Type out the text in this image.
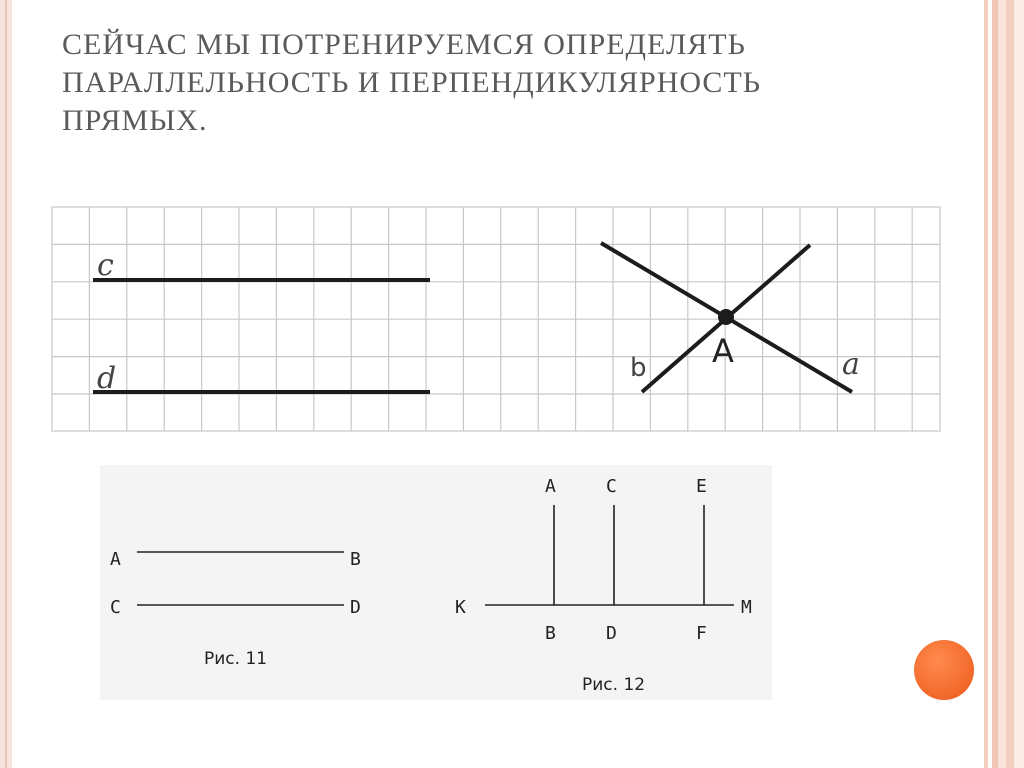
СЕЙЧАС МЫ ПОТРЕНИРУЕМСЯ ОПРЕДЕЛЯТЬ
ПАРАЛЛЕЛЬНОСТЬ И ПЕРПЕНДИКУЛЯРНОСТЬ
ПРЯМЫХ.
c
d
A	a
b
A	B
C	D
Рис. 11
A	C	E
K	M
B	D	F
Рис. 12
